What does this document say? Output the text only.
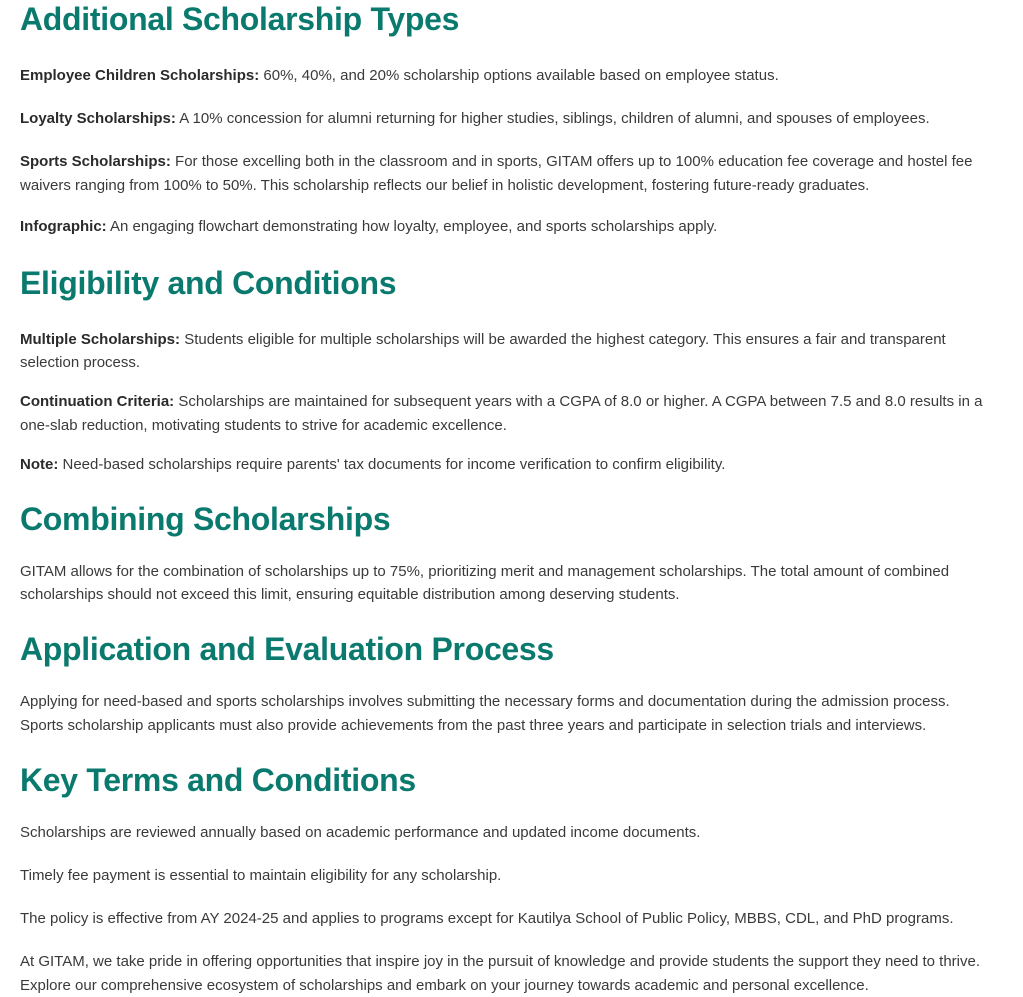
Additional Scholarship Types

Employee Children Scholarships: 60%, 40%, and 20% scholarship options available based on employee status.

Loyalty Scholarships: A 10% concession for alumni returning for higher studies, siblings, children of alumni, and spouses of employees.

Sports Scholarships: For those excelling both in the classroom and in sports, GITAM offers up to 100% education fee coverage and hostel fee waivers ranging from 100% to 50%. This scholarship reflects our belief in holistic development, fostering future-ready graduates.

Infographic: An engaging flowchart demonstrating how loyalty, employee, and sports scholarships apply.

Eligibility and Conditions

Multiple Scholarships: Students eligible for multiple scholarships will be awarded the highest category. This ensures a fair and transparent selection process.

Continuation Criteria: Scholarships are maintained for subsequent years with a CGPA of 8.0 or higher. A CGPA between 7.5 and 8.0 results in a one-slab reduction, motivating students to strive for academic excellence.

Note: Need-based scholarships require parents' tax documents for income verification to confirm eligibility.

Combining Scholarships

GITAM allows for the combination of scholarships up to 75%, prioritizing merit and management scholarships. The total amount of combined scholarships should not exceed this limit, ensuring equitable distribution among deserving students.

Application and Evaluation Process

Applying for need-based and sports scholarships involves submitting the necessary forms and documentation during the admission process. Sports scholarship applicants must also provide achievements from the past three years and participate in selection trials and interviews.

Key Terms and Conditions

Scholarships are reviewed annually based on academic performance and updated income documents.

Timely fee payment is essential to maintain eligibility for any scholarship.

The policy is effective from AY 2024-25 and applies to programs except for Kautilya School of Public Policy, MBBS, CDL, and PhD programs.

At GITAM, we take pride in offering opportunities that inspire joy in the pursuit of knowledge and provide students the support they need to thrive. Explore our comprehensive ecosystem of scholarships and embark on your journey towards academic and personal excellence.
